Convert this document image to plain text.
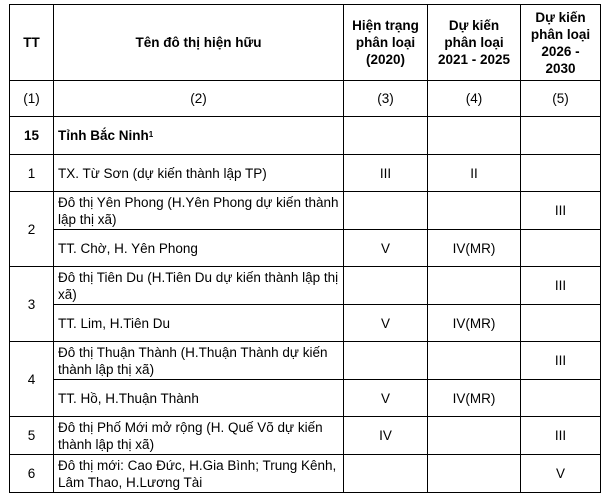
TT	Tên đô thị hiện hữu	Hiện trạng phân loại (2020)	Dự kiến phân loại 2021 - 2025	Dự kiến phân loại 2026 - 2030
(1)	(2)	(3)	(4)	(5)
15	Tỉnh Bắc Ninh$^1$			
1	TX. Từ Sơn (dự kiến thành lập TP)	III	II	
2	Đô thị Yên Phong (H.Yên Phong dự kiến thành lập thị xã)			III
	TT. Chờ, H. Yên Phong	V	IV(MR)	
3	Đô thị Tiên Du (H.Tiên Du dự kiến thành lập thị xã)			III
	TT. Lim, H.Tiên Du	V	IV(MR)	
4	Đô thị Thuận Thành (H.Thuận Thành dự kiến thành lập thị xã)			III
	TT. Hồ, H.Thuận Thành	V	IV(MR)	
5	Đô thị Phố Mới mở rộng (H. Quế Võ dự kiến thành lập thị xã)	IV		III
6	Đô thị mới: Cao Đức, H.Gia Bình; Trung Kênh, Lâm Thao, H.Lương Tài			V
